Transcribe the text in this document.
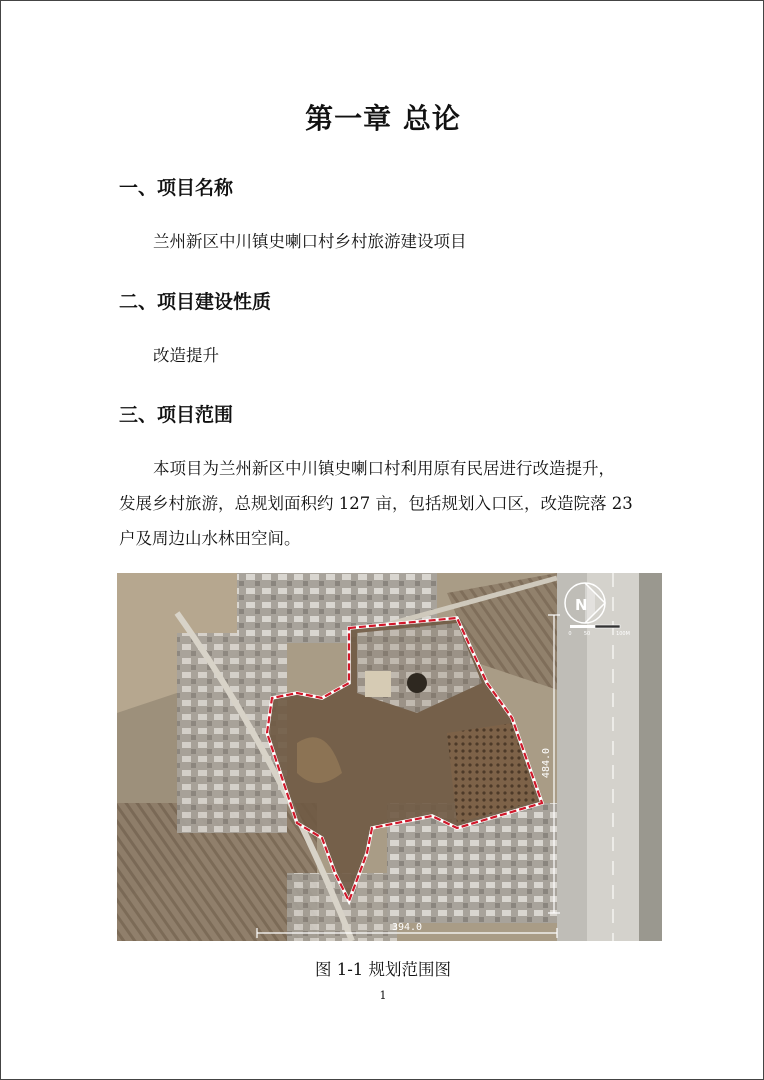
第一章 总论
一、项目名称
兰州新区中川镇史喇口村乡村旅游建设项目
二、项目建设性质
改造提升
三、项目范围
本项目为兰州新区中川镇史喇口村利用原有民居进行改造提升，
发展乡村旅游，总规划面积约 127 亩，包括规划入口区，改造院落 23
户及周边山水林田空间。
484.0
394.0
N
0 50	100M
图 1-1 规划范围图
1
